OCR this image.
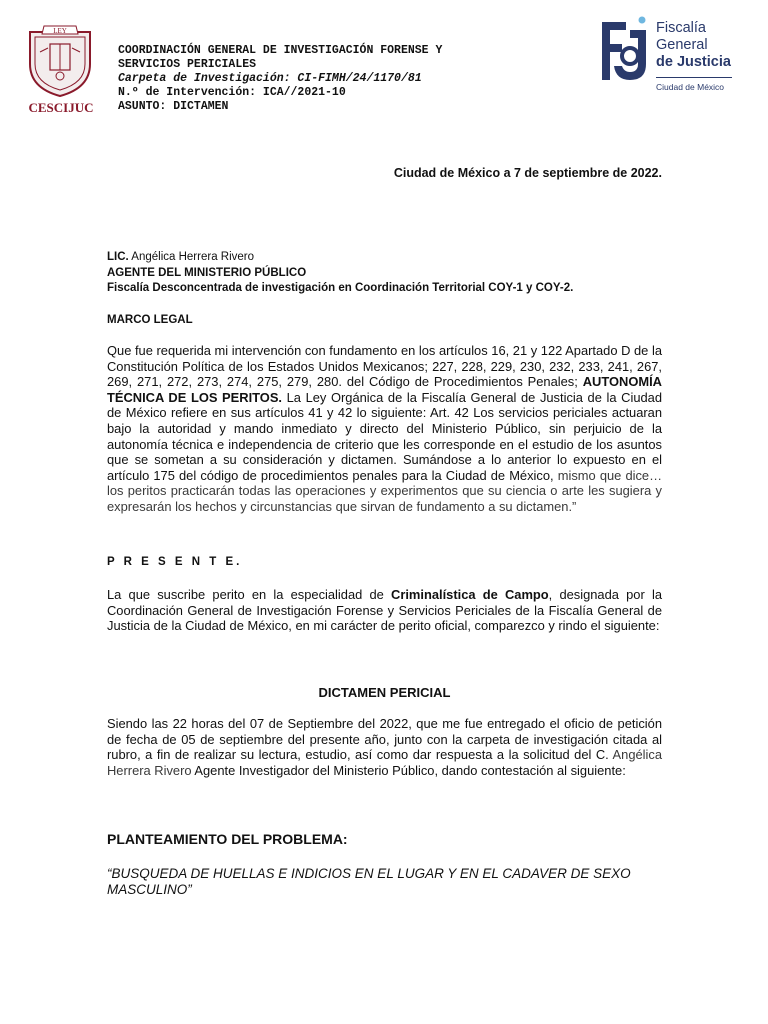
LEY
CESCIJUC
COORDINACIÓN GENERAL DE INVESTIGACIÓN FORENSE Y
SERVICIOS PERICIALES
Carpeta de Investigación: CI-FIMH/24/1170/81
N.º de Intervención: ICA//2021-10
ASUNTO: DICTAMEN
Fiscalía
General
de Justicia
Ciudad de México
Ciudad de México a 7 de septiembre de 2022.
LIC. Angélica Herrera Rivero
AGENTE DEL MINISTERIO PÚBLICO
Fiscalía Desconcentrada de investigación en Coordinación Territorial COY-1 y COY-2.
MARCO LEGAL
Que fue requerida mi intervención con fundamento en los artículos 16, 21 y 122 Apartado D de la Constitución Política de los Estados Unidos Mexicanos; 227, 228, 229, 230, 232, 233, 241, 267, 269, 271, 272, 273, 274, 275, 279, 280. del Código de Procedimientos Penales; AUTONOMÍA TÉCNICA DE LOS PERITOS. La Ley Orgánica de la Fiscalía General de Justicia de la Ciudad de México refiere en sus artículos 41 y 42 lo siguiente: Art. 42 Los servicios periciales actuaran bajo la autoridad y mando inmediato y directo del Ministerio Público, sin perjuicio de la autonomía técnica e independencia de criterio que les corresponde en el estudio de los asuntos que se sometan a su consideración y dictamen. Sumándose a lo anterior lo expuesto en el artículo 175 del código de procedimientos penales para la Ciudad de México, mismo que dice…los peritos practicarán todas las operaciones y experimentos que su ciencia o arte les sugiera y expresarán los hechos y circunstancias que sirvan de fundamento a su dictamen.”
P R E S E N T E.
La que suscribe perito en la especialidad de Criminalística de Campo, designada por la Coordinación General de Investigación Forense y Servicios Periciales de la Fiscalía General de Justicia de la Ciudad de México, en mi carácter de perito oficial, comparezco y rindo el siguiente:
DICTAMEN PERICIAL
Siendo las 22 horas del 07 de Septiembre del 2022, que me fue entregado el oficio de petición de fecha de 05 de septiembre del presente año, junto con la carpeta de investigación citada al rubro, a fin de realizar su lectura, estudio, así como dar respuesta a la solicitud del C. Angélica Herrera Rivero Agente Investigador del Ministerio Público, dando contestación al siguiente:
PLANTEAMIENTO DEL PROBLEMA:
“BUSQUEDA DE HUELLAS E INDICIOS EN EL LUGAR Y EN EL CADAVER DE SEXO MASCULINO”
